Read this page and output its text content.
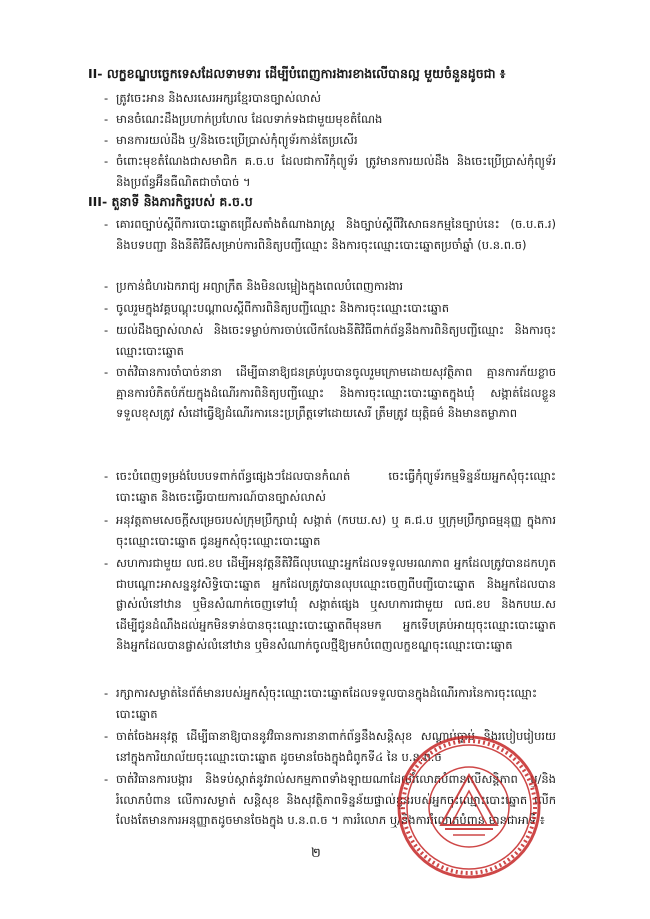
II- លក្ខខណ្ឌបច្ចេកទេសដែលទាមទារ ដើម្បីបំពេញការងារខាងលើបានល្អ មួយចំនួនដូចជា ៖
- ត្រូវចេះអាន និងសរសេរអក្សរខ្មែរបានច្បាស់លាស់
- មានចំណេះដឹងប្រហាក់ប្រហែល ដែលទាក់ទងជាមួយមុខតំណែង
- មានការយល់ដឹង ឬ/និងចេះប្រើប្រាស់កុំព្យូទ័រកាន់តែប្រសើរ
- ចំពោះមុខតំណែងជាសមាជិក គ.ច.ប ដែលជាការីកុំព្យូទ័រ ត្រូវមានការយល់ដឹង និងចេះប្រើប្រាស់កុំព្យូទ័រ និងប្រព័ន្ធអ៊ីនធឺណិតជាចាំបាច់ ។
III- តួនាទី និងភារកិច្ចរបស់ គ.ច.ប
- គោរពច្បាប់ស្ដីពីការបោះឆ្នោតជ្រើសតាំងតំណាងរាស្ត្រ និងច្បាប់ស្ដីពីវិសោធនកម្មនៃច្បាប់នេះ (ច.ប.ត.រ) និងបទបញ្ជា និងនីតិវិធីសម្រាប់ការពិនិត្យបញ្ជីឈ្មោះ និងការចុះឈ្មោះបោះឆ្នោតប្រចាំឆ្នាំ (ប.ន.ព.ច)
- ប្រកាន់ជំហរឯករាជ្យ អព្យាក្រឹត និងមិនលម្អៀងក្នុងពេលបំពេញការងារ
- ចូលរួមក្នុងវគ្គបណ្តុះបណ្តាលស្ដីពីការពិនិត្យបញ្ជីឈ្មោះ និងការចុះឈ្មោះបោះឆ្នោត
- យល់ដឹងច្បាស់លាស់ និងចេះទម្លាប់ការចាប់លើកលែងនីតិវិធីពាក់ព័ន្ធនឹងការពិនិត្យបញ្ជីឈ្មោះ និងការចុះឈ្មោះបោះឆ្នោត
- ចាត់វិធានការចាំបាច់នានា ដើម្បីធានាឱ្យជនគ្រប់រូបបានចូលរួមក្រោមដោយសុវត្ថិភាព គ្មានការភ័យខ្លាច គ្មានការបំភិតបំភ័យក្នុងដំណើរការពិនិត្យបញ្ជីឈ្មោះ និងការចុះឈ្មោះបោះឆ្នោតក្នុងឃុំ សង្កាត់ដែលខ្លួនទទួលខុសត្រូវ សំដៅធ្វើឱ្យដំណើរការនេះប្រព្រឹត្តទៅដោយសេរី ត្រឹមត្រូវ យុត្តិធម៌ និងមានតម្លាភាព
- ចេះបំពេញទម្រង់បែបបទពាក់ព័ន្ធផ្សេងៗដែលបានកំណត់ ចេះធ្វើកុំព្យូទ័រកម្មទិន្នន័យអ្នកសុំចុះឈ្មោះបោះឆ្នោត និងចេះធ្វើរបាយការណ៍បានច្បាស់លាស់
- អនុវត្តតាមសេចក្តីសម្រេចរបស់ក្រុមប្រឹក្សាឃុំ សង្កាត់ (កបឃ.ស) ឬ គ.ជ.ប ឬក្រុមប្រឹក្សាធម្មនុញ្ញ ក្នុងការចុះឈ្មោះបោះឆ្នោត ជូនអ្នកសុំចុះឈ្មោះបោះឆ្នោត
- សហការជាមួយ លជ.ខប ដើម្បីអនុវត្តនីតិវិធីលុបឈ្មោះអ្នកដែលទទួលមរណភាព អ្នកដែលត្រូវបានដកហូតជាបណ្តោះអាសន្ននូវសិទ្ធិបោះឆ្នោត អ្នកដែលត្រូវបានលុបឈ្មោះចេញពីបញ្ជីបោះឆ្នោត និងអ្នកដែលបានផ្លាស់លំនៅឋាន ឬមិនសំណាក់ចេញទៅឃុំ សង្កាត់ផ្សេង ឬសហការជាមួយ លជ.ខប និងកបឃ.ស ដើម្បីជូនដំណឹងដល់អ្នកមិនទាន់បានចុះឈ្មោះបោះឆ្នោតពីមុនមក អ្នកទើបគ្រប់អាយុចុះឈ្មោះបោះឆ្នោត និងអ្នកដែលបានផ្លាស់លំនៅឋាន ឬមិនសំណាក់ចូលថ្មីឱ្យមកបំពេញលក្ខខណ្ឌចុះឈ្មោះបោះឆ្នោត
- រក្សាការសម្ងាត់នៃព័ត៌មានរបស់អ្នកសុំចុះឈ្មោះបោះឆ្នោតដែលទទួលបានក្នុងដំណើរការនៃការចុះឈ្មោះបោះឆ្នោត
- ចាត់ចែងអនុវត្ត ដើម្បីធានាឱ្យបាននូវវិធានការនានាពាក់ព័ន្ធនឹងសន្តិសុខ សណ្តាប់ធ្នាប់ និងរបៀបរៀបរយ នៅក្នុងការិយាល័យចុះឈ្មោះបោះឆ្នោត ដូចមានចែងក្នុងជំពូកទី៤ នៃ ប.ន.ព.ច
- ចាត់វិធានការបង្ការ និងទប់ស្កាត់នូវរាល់សកម្មភាពទាំងឡាយណាដែលរំលោភបំពានលើសន្តិភាព ឬ/និងរំលោភបំពាន លើការសម្ងាត់ សន្តិសុខ និងសុវត្ថិភាពទិន្នន័យផ្ទាល់ខ្លួនរបស់អ្នកចុះឈ្មោះបោះឆ្នោត លើកលែងតែមានការអនុញ្ញាតដូចមានចែងក្នុង ប.ន.ព.ច ។ ការរំលោភ ឬ/និងការរំលោភបំពាន មានជាអាទិ៍ ៖
២
